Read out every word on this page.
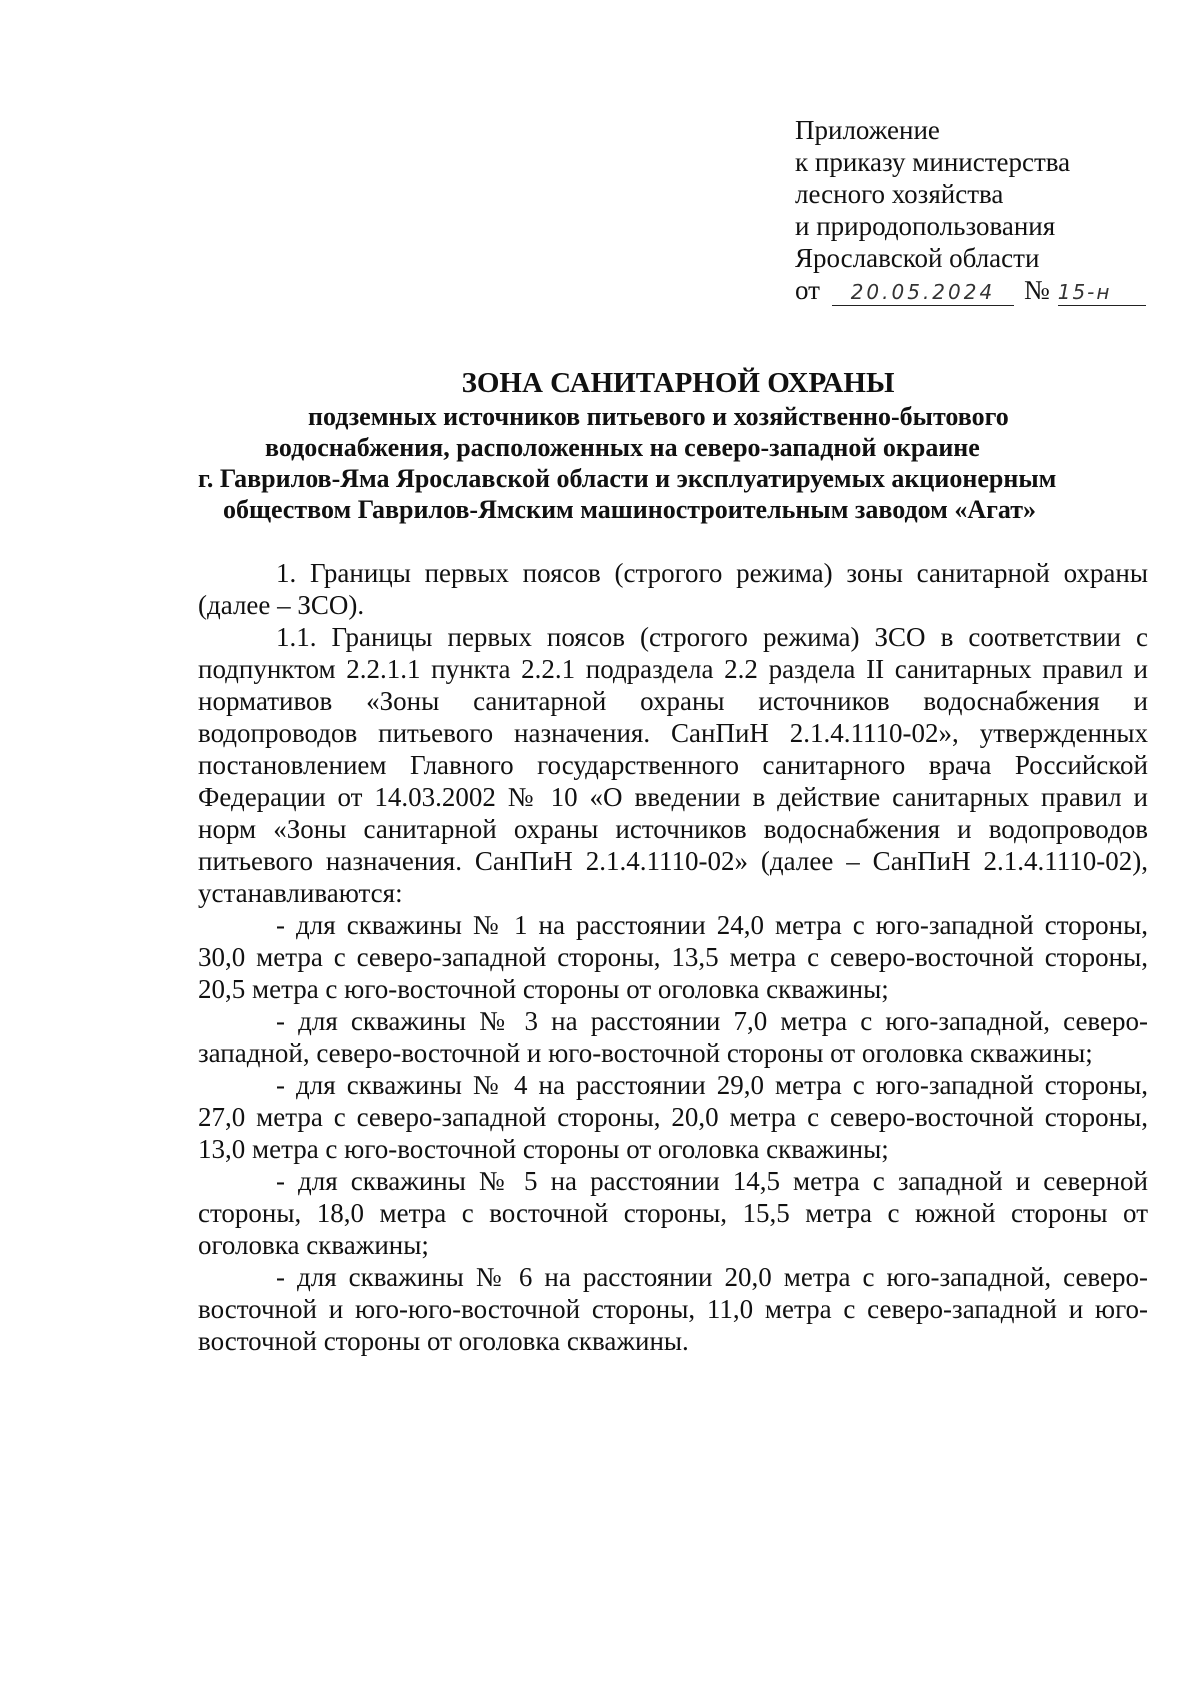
Приложение
к приказу министерства
лесного хозяйства
и природопользования
Ярославской области
от	20.05.2024	№ 15-н
ЗОНА САНИТАРНОЙ ОХРАНЫ
подземных источников питьевого и хозяйственно-бытового
водоснабжения, расположенных на северо-западной окраине
г. Гаврилов-Яма Ярославской области и эксплуатируемых акционерным
обществом Гаврилов-Ямским машиностроительным заводом «Агат»

1. Границы первых поясов (строгого режима) зоны санитарной охраны (далее – ЗСО).

1.1. Границы первых поясов (строгого режима) ЗСО в соответствии с подпунктом 2.2.1.1 пункта 2.2.1 подраздела 2.2 раздела II санитарных правил и нормативов «Зоны санитарной охраны источников водоснабжения и водопроводов питьевого назначения. СанПиН 2.1.4.1110-02», утвержденных постановлением Главного государственного санитарного врача Российской Федерации от 14.03.2002 № 10 «О введении в действие санитарных правил и норм «Зоны санитарной охраны источников водоснабжения и водопроводов питьевого назначения. СанПиН 2.1.4.1110-02» (далее – СанПиН 2.1.4.1110-02), устанавливаются:

- для скважины № 1 на расстоянии 24,0 метра с юго-западной стороны, 30,0 метра с северо-западной стороны, 13,5 метра с северо-восточной стороны, 20,5 метра с юго-восточной стороны от оголовка скважины;

- для скважины № 3 на расстоянии 7,0 метра с юго-западной, северо-западной, северо-восточной и юго-восточной стороны от оголовка скважины;

- для скважины № 4 на расстоянии 29,0 метра с юго-западной стороны, 27,0 метра с северо-западной стороны, 20,0 метра с северо-восточной стороны, 13,0 метра с юго-восточной стороны от оголовка скважины;

- для скважины № 5 на расстоянии 14,5 метра с западной и северной стороны, 18,0 метра с восточной стороны, 15,5 метра с южной стороны от оголовка скважины;

- для скважины № 6 на расстоянии 20,0 метра с юго-западной, северо-восточной и юго-юго-восточной стороны, 11,0 метра с северо-западной и юго-восточной стороны от оголовка скважины.
